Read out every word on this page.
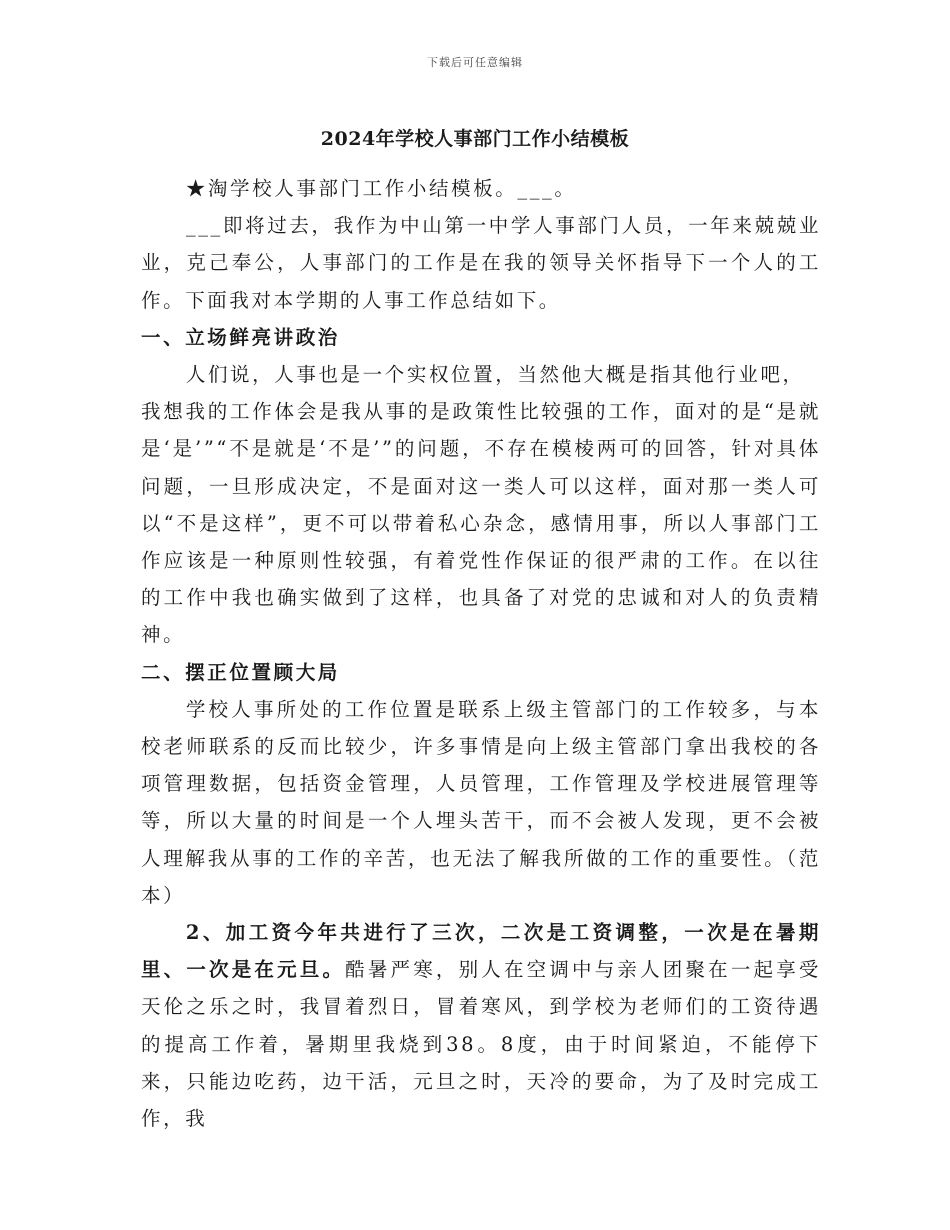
下载后可任意编辑
2024年学校人事部门工作小结模板

★淘学校人事部门工作小结模板。___。

___即将过去，我作为中山第一中学人事部门人员，一年来兢兢业业，克己奉公，人事部门的工作是在我的领导关怀指导下一个人的工作。下面我对本学期的人事工作总结如下。

一、立场鲜亮讲政治

人们说，人事也是一个实权位置，当然他大概是指其他行业吧，

我想我的工作体会是我从事的是政策性比较强的工作，面对的是“是就是‘是’”“不是就是‘不是’”的问题，不存在模棱两可的回答，针对具体问题，一旦形成决定，不是面对这一类人可以这样，面对那一类人可以“不是这样”，更不可以带着私心杂念，感情用事，所以人事部门工作应该是一种原则性较强，有着党性作保证的很严肃的工作。在以往的工作中我也确实做到了这样，也具备了对党的忠诚和对人的负责精神。

二、摆正位置顾大局

学校人事所处的工作位置是联系上级主管部门的工作较多，与本校老师联系的反而比较少，许多事情是向上级主管部门拿出我校的各项管理数据，包括资金管理，人员管理，工作管理及学校进展管理等等，所以大量的时间是一个人埋头苦干，而不会被人发现，更不会被人理解我从事的工作的辛苦，也无法了解我所做的工作的重要性。（范本）

2、加工资今年共进行了三次，二次是工资调整，一次是在暑期里、一次是在元旦。酷暑严寒，别人在空调中与亲人团聚在一起享受天伦之乐之时，我冒着烈日，冒着寒风，到学校为老师们的工资待遇的提高工作着，暑期里我烧到38。8度，由于时间紧迫，不能停下来，只能边吃药，边干活，元旦之时，天冷的要命，为了及时完成工作，我
